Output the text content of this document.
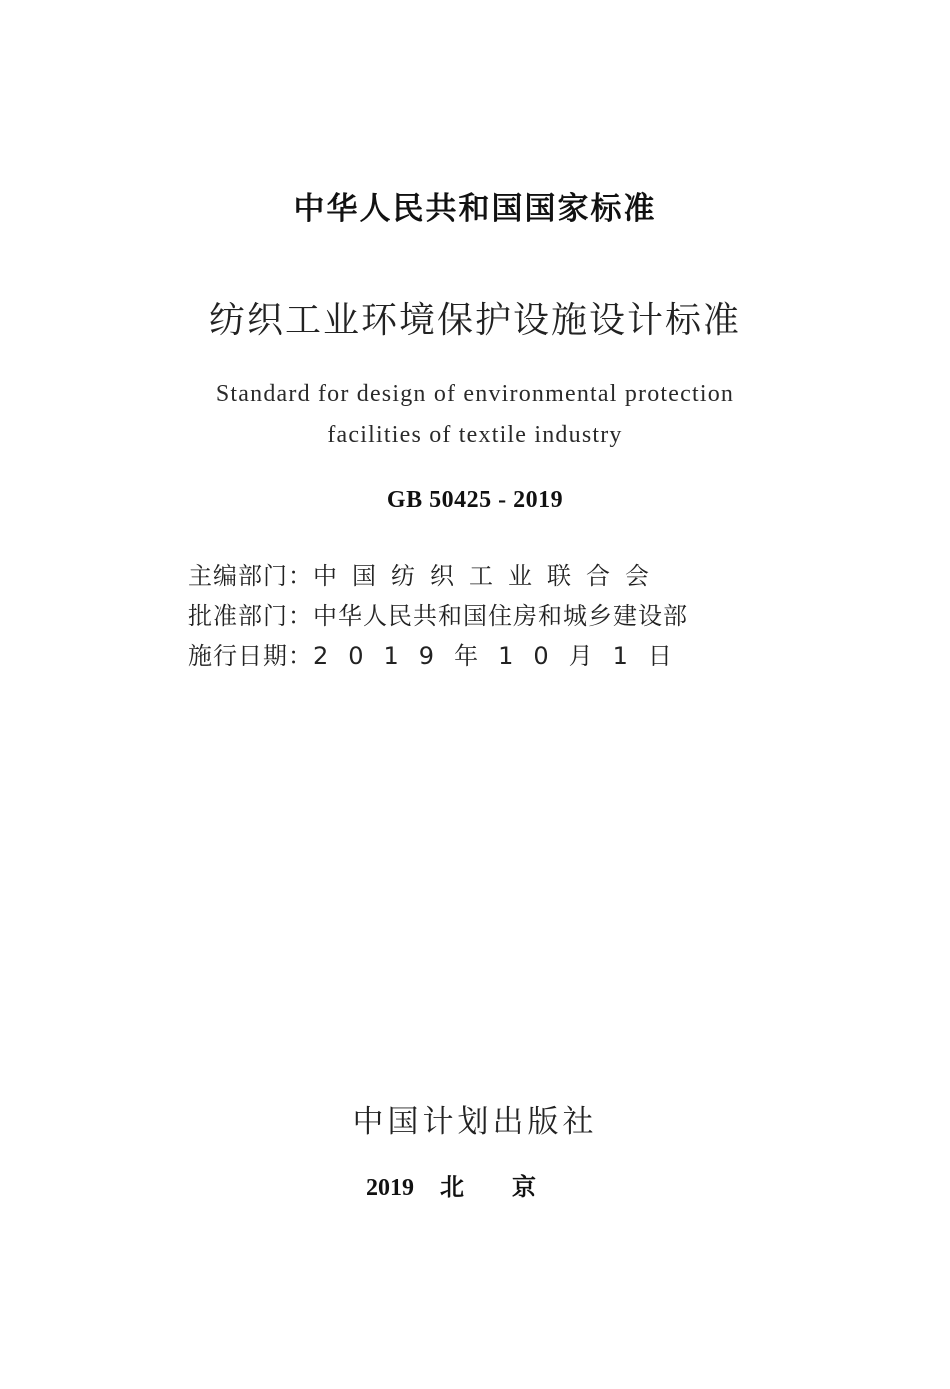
中华人民共和国国家标准
纺织工业环境保护设施设计标准
Standard for design of environmental protection
facilities of textile industry
GB 50425 - 2019
主编部门：中国纺织工业联合会
批准部门：中华人民共和国住房和城乡建设部
施行日期：2019年10月1日
中国计划出版社
2019 北京
